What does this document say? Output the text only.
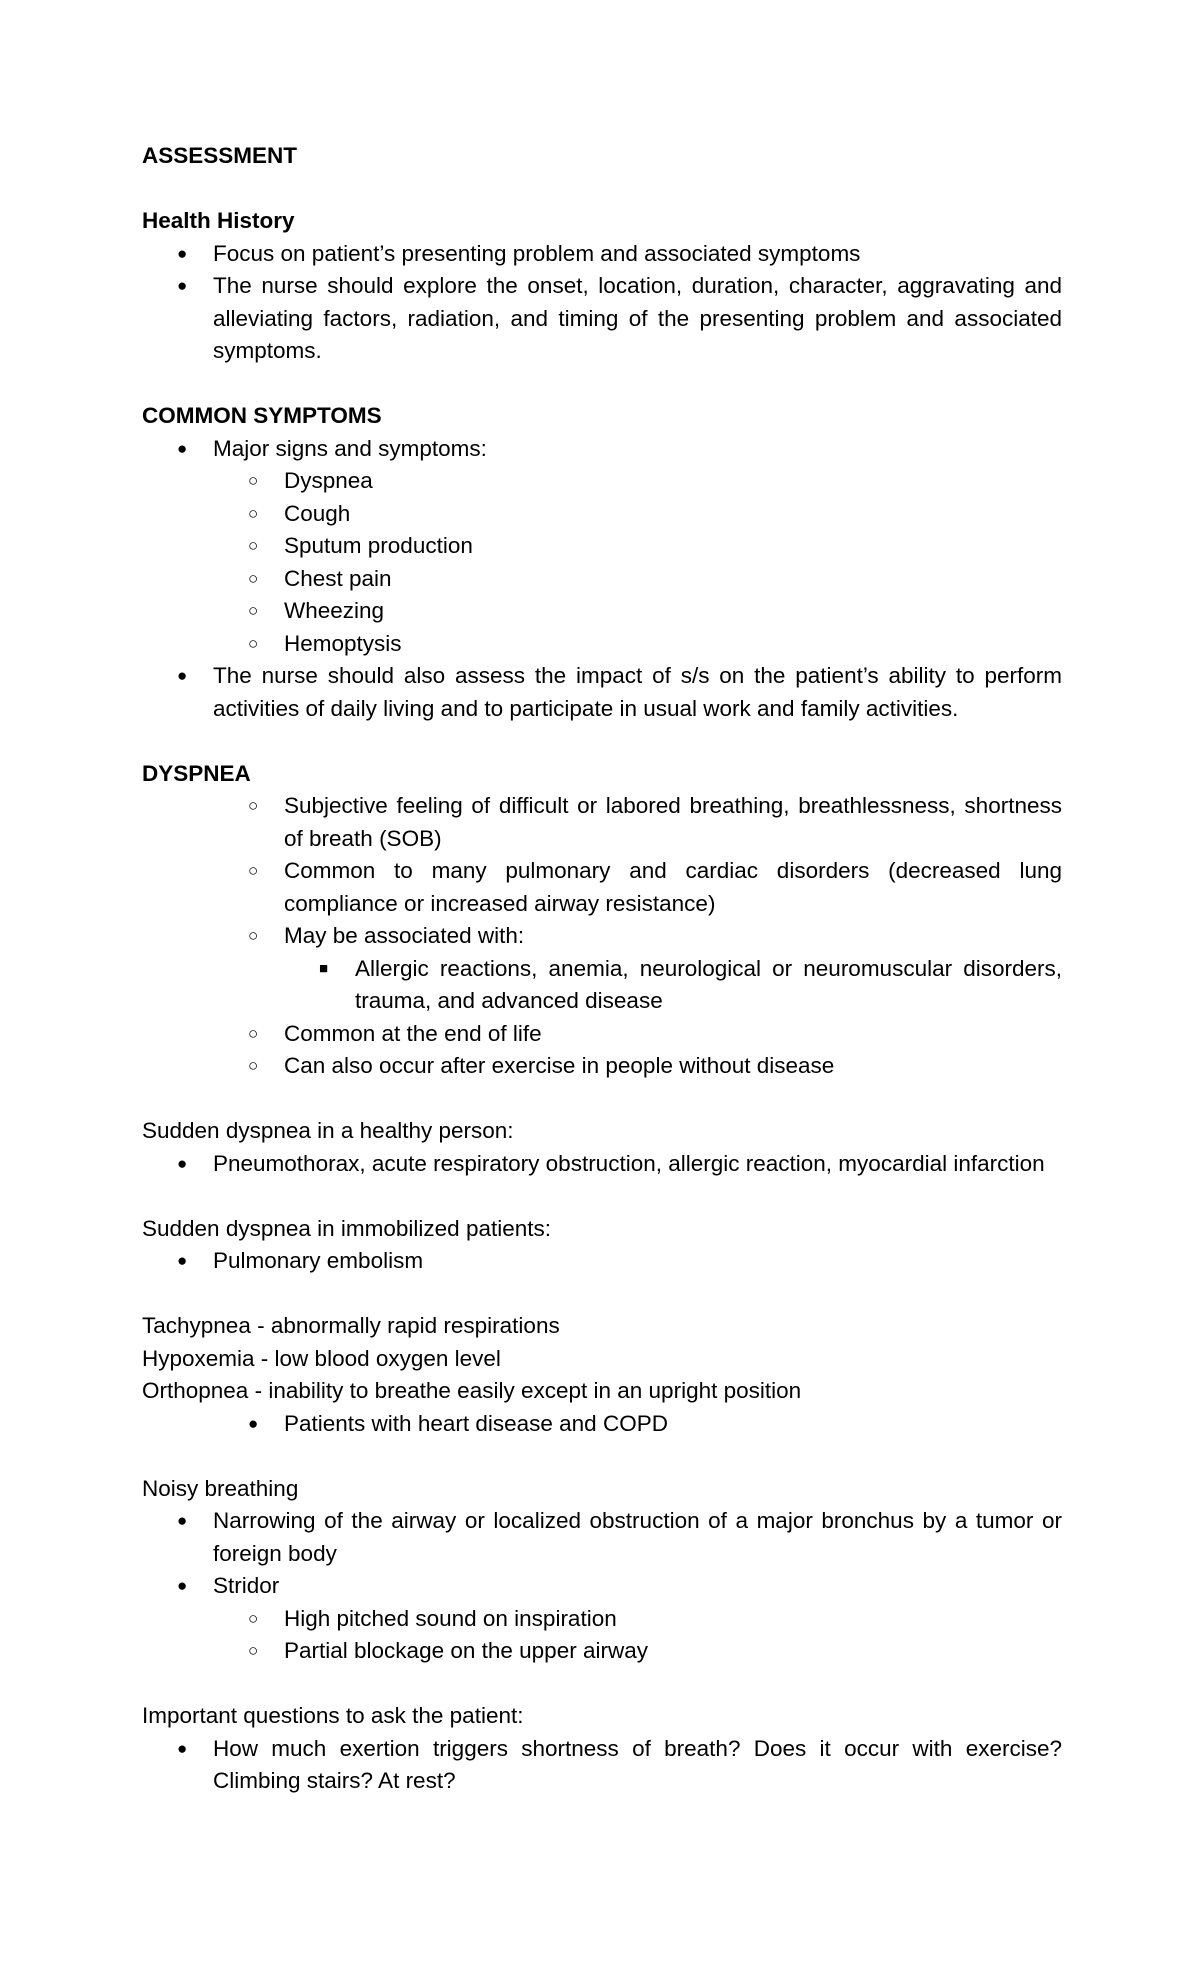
ASSESSMENT

Health History

● Focus on patient’s presenting problem and associated symptoms
● The nurse should explore the onset, location, duration, character, aggravating and alleviating factors, radiation, and timing of the presenting problem and associated symptoms.

COMMON SYMPTOMS

● Major signs and symptoms:
○ Dyspnea
○ Cough
○ Sputum production
○ Chest pain
○ Wheezing
○ Hemoptysis
● The nurse should also assess the impact of s/s on the patient’s ability to perform activities of daily living and to participate in usual work and family activities.

DYSPNEA

○ Subjective feeling of difficult or labored breathing, breathlessness, shortness of breath (SOB)
○ Common to many pulmonary and cardiac disorders (decreased lung compliance or increased airway resistance)
○ May be associated with:
■ Allergic reactions, anemia, neurological or neuromuscular disorders, trauma, and advanced disease
○ Common at the end of life
○ Can also occur after exercise in people without disease

Sudden dyspnea in a healthy person:

● Pneumothorax, acute respiratory obstruction, allergic reaction, myocardial infarction

Sudden dyspnea in immobilized patients:

● Pulmonary embolism

Tachypnea - abnormally rapid respirations

Hypoxemia - low blood oxygen level

Orthopnea - inability to breathe easily except in an upright position

● Patients with heart disease and COPD

Noisy breathing

● Narrowing of the airway or localized obstruction of a major bronchus by a tumor or foreign body
● Stridor
○ High pitched sound on inspiration
○ Partial blockage on the upper airway

Important questions to ask the patient:

● How much exertion triggers shortness of breath? Does it occur with exercise? Climbing stairs? At rest?
